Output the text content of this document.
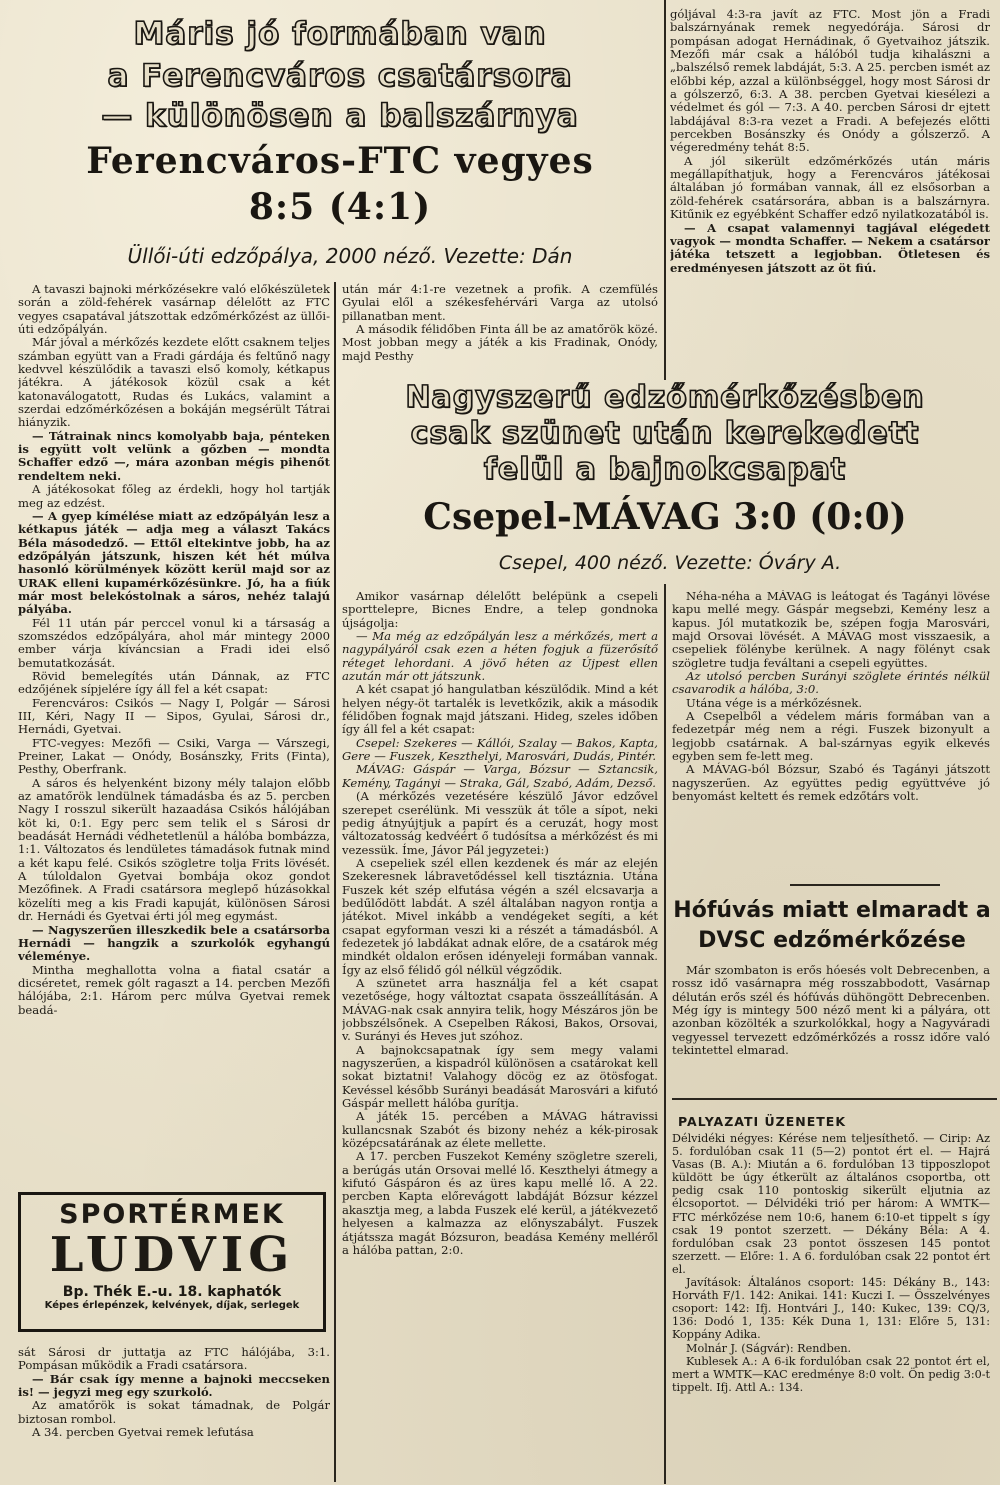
Máris jó formában van
a Ferencváros csatársora
— különösen a balszárnya
Ferencváros-FTC vegyes
8:5 (4:1)
Üllői-úti edzőpálya, 2000 néző. Vezette: Dán

A tavaszi bajnoki mérkőzésekre való előkészületek során a zöld-fehérek vasárnap délelőtt az FTC vegyes csapatával játszottak edzőmérkőzést az üllői-úti edzőpályán.

Már jóval a mérkőzés kezdete előtt csaknem teljes számban együtt van a Fradi gárdája és feltűnő nagy kedvvel készülődik a tavaszi első komoly, kétkapus játékra. A játékosok közül csak a két katonaválogatott, Rudas és Lukács, valamint a szerdai edzőmérkőzésen a bokáján megsérült Tátrai hiányzik.

— Tátrainak nincs komolyabb baja, pénteken is együtt volt velünk a gőzben — mondta Schaffer edző —, mára azonban mégis pihenőt rendeltem neki.

A játékosokat főleg az érdekli, hogy hol tartják meg az edzést.

— A gyep kímélése miatt az edzőpályán lesz a kétkapus játék — adja meg a választ Takács Béla másodedző. — Ettől eltekintve jobb, ha az edzőpályán játszunk, hiszen két hét múlva hasonló körülmények között kerül majd sor az URAK elleni kupamérkőzésünkre. Jó, ha a fiúk már most belekóstolnak a sáros, nehéz talajú pályába.

Fél 11 után pár perccel vonul ki a társaság a szomszédos edzőpályára, ahol már mintegy 2000 ember várja kíváncsian a Fradi idei első bemutatkozását.

Rövid bemelegítés után Dánnak, az FTC edzőjének sípjelére így áll fel a két csapat:

Ferencváros: Csikós — Nagy I, Polgár — Sárosi III, Kéri, Nagy II — Sipos, Gyulai, Sárosi dr., Hernádi, Gyetvai.

FTC-vegyes: Mezőfi — Csiki, Varga — Várszegi, Preiner, Lakat — Onódy, Bosánszky, Frits (Finta), Pesthy, Oberfrank.

A sáros és helyenként bizony mély talajon előbb az amatőrök lendülnek támadásba és az 5. percben Nagy I rosszul sikerült hazaadása Csikós hálójában köt ki, 0:1. Egy perc sem telik el s Sárosi dr beadását Hernádi védhetetlenül a hálóba bombázza, 1:1. Változatos és lendületes támadások futnak mind a két kapu felé. Csikós szögletre tolja Frits lövését. A túloldalon Gyetvai bombája okoz gondot Mezőfinek. A Fradi csatársora meglepő húzásokkal közelíti meg a kis Fradi kapuját, különösen Sárosi dr. Hernádi és Gyetvai érti jól meg egymást.

— Nagyszerűen illeszkedik bele a csatársorba Hernádi — hangzik a szurkolók egyhangú véleménye.

Mintha meghallotta volna a fiatal csatár a dicséretet, remek gólt ragaszt a 14. percben Mezőfi hálójába, 2:1. Három perc múlva Gyetvai remek beadá-

SPORTÉRMEK
LUDVIG
Bp. Thék E.-u. 18. kaphatók
Képes érlepénzek, kelvények, díjak, serlegek

sát Sárosi dr juttatja az FTC hálójába, 3:1. Pompásan működik a Fradi csatársora.

— Bár csak így menne a bajnoki meccseken is! — jegyzi meg egy szurkoló.

Az amatőrök is sokat támadnak, de Polgár biztosan rombol.

A 34. percben Gyetvai remek lefutása

után már 4:1-re vezetnek a profik. A czemfülés Gyulai elől a székesfehérvári Varga az utolsó pillanatban ment.

A második félidőben Finta áll be az amatőrök közé. Most jobban megy a játék a kis Fradinak, Onódy, majd Pesthy

góljával 4:3-ra javít az FTC. Most jön a Fradi balszárnyának remek negyedórája. Sárosi dr pompásan adogat Hernádinak, ő Gyetvaihoz játszik. Mezőfi már csak a hálóból tudja kihalászni a „balszélső remek labdáját, 5:3. A 25. percben ismét az előbbi kép, azzal a különbséggel, hogy most Sárosi dr a gólszerző, 6:3. A 38. percben Gyetvai kiesélezi a védelmet és gól — 7:3. A 40. percben Sárosi dr ejtett labdájával 8:3-ra vezet a Fradi. A befejezés előtti percekben Bosánszky és Onódy a gólszerző. A végeredmény tehát 8:5.

A jól sikerült edzőmérkőzés után máris megállapíthatjuk, hogy a Ferencváros játékosai általában jó formában vannak, áll ez elsősorban a zöld-fehérek csatársorára, abban is a balszárnyra. Kitűnik ez egyébként Schaffer edző nyilatkozatából is.

— A csapat valamennyi tagjával elégedett vagyok — mondta Schaffer. — Nekem a csatársor játéka tetszett a legjobban. Ötletesen és eredményesen játszott az öt fiú.

Nagyszerű edzőmérkőzésben
csak szünet után kerekedett
felül a bajnokcsapat
Csepel-MÁVAG 3:0 (0:0)
Csepel, 400 néző. Vezette: Óváry A.

Amikor vasárnap délelőtt belépünk a csepeli sporttelepre, Bicnes Endre, a telep gondnoka újságolja:

— Ma még az edzőpályán lesz a mérkőzés, mert a nagypályáról csak ezen a héten fogjuk a füzerősítő réteget lehordani. A jövő héten az Újpest ellen azután már ott játszunk.

A két csapat jó hangulatban készülődik. Mind a két helyen négy-öt tartalék is levetkőzik, akik a második félidőben fognak majd játszani. Hideg, szeles időben így áll fel a két csapat:

Csepel: Szekeres — Kállói, Szalay — Bakos, Kapta, Gere — Fuszek, Keszthelyi, Marosvári, Dudás, Pintér.

MÁVAG: Gáspár — Varga, Bózsur — Sztancsik, Kemény, Tagányi — Straka, Gál, Szabó, Adám, Dezső.

(A mérkőzés vezetésére készülő Jávor edzővel szerepet cserélünk. Mi vesszük át tőle a sípot, neki pedig átnyújtjuk a papírt és a ceruzát, hogy most változatosság kedvéért ő tudósítsa a mérkőzést és mi vezessük. Íme, Jávor Pál jegyzetei:)

A csepeliek szél ellen kezdenek és már az elején Szekeresnek lábravetődéssel kell tisztáznia. Utána Fuszek két szép elfutása végén a szél elcsavarja a bedűlődött labdát. A szél általában nagyon rontja a játékot. Mivel inkább a vendégeket segíti, a két csapat egyforman veszi ki a részét a támadásból. A fedezetek jó labdákat adnak előre, de a csatárok még mindkét oldalon erősen idényeleji formában vannak. Így az első félidő gól nélkül végződik.

A szünetet arra használja fel a két csapat vezetősége, hogy változtat csapata összeállításán. A MÁVAG-nak csak annyira telik, hogy Mészáros jön be jobbszélsőnek. A Csepelben Rákosi, Bakos, Orsovai, v. Surányi és Heves jut szóhoz.

A bajnokcsapatnak így sem megy valami nagyszerűen, a kispadról különösen a csatárokat kell sokat biztatni! Valahogy döcög ez az ötösfogat. Kevéssel később Surányi beadását Marosvári a kifutó Gáspár mellett hálóba gurítja.

A játék 15. percében a MÁVAG hátravissi kullancsnak Szabót és bizony nehéz a kék-pirosak középcsatárának az élete mellette.

A 17. percben Fuszekot Kemény szögletre szereli, a berúgás után Orsovai mellé lő. Keszthelyi átmegy a kifutó Gáspáron és az üres kapu mellé lő. A 22. percben Kapta előrevágott labdáját Bózsur kézzel akasztja meg, a labda Fuszek elé kerül, a játékvezető helyesen a kalmazza az előnyszabályt. Fuszek átjátssza magát Bózsuron, beadása Kemény melléről a hálóba pattan, 2:0.

Néha-néha a MÁVAG is leátogat és Tagányi lövése kapu mellé megy. Gáspár megsebzi, Kemény lesz a kapus. Jól mutatkozik be, szépen fogja Marosvári, majd Orsovai lövését. A MÁVAG most visszaesik, a csepeliek fölénybe kerülnek. A nagy fölényt csak szögletre tudja feváltani a csepeli együttes.

Az utolsó percben Surányi szöglete érintés nélkül csavarodik a hálóba, 3:0.

Utána vége is a mérkőzésnek.

A Csepelből a védelem máris formában van a fedezetpár még nem a régi. Fuszek bizonyult a legjobb csatárnak. A bal-szárnyas egyik elkevés egyben sem fe-lett meg.

A MÁVAG-ból Bózsur, Szabó és Tagányi játszott nagyszerűen. Az együttes pedig együttvéve jó benyomást keltett és remek edzőtárs volt.

Hófúvás miatt elmaradt a DVSC edzőmérkőzése

Már szombaton is erős hóesés volt Debrecenben, a rossz idő vasárnapra még rosszabbodott, Vasárnap délután erős szél és hófúvás dühöngött Debrecenben. Még így is mintegy 500 néző ment ki a pályára, ott azonban közölték a szurkolókkal, hogy a Nagyváradi vegyessel tervezett edzőmérkőzés a rossz időre való tekintettel elmarad.

PALYAZATI ÜZENETEK

Délvidéki négyes: Kérése nem teljesíthető. — Cirip: Az 5. fordulóban csak 11 (5—2) pontot ért el. — Hajrá Vasas (B. A.): Miután a 6. fordulóban 13 tipposzlopot küldött be úgy étkerült az általános csoportba, ott pedig csak 110 pontoskig sikerült eljutnia az élcsoportot. — Délvidéki trió per három: A WMTK—FTC mérkőzése nem 10:6, hanem 6:10-et tippelt s így csak 19 pontot szerzett. — Dékány Béla: A 4. fordulóban csak 23 pontot összesen 145 pontot szerzett. — Előre: 1. A 6. fordulóban csak 22 pontot ért el.

Javítások: Általános csoport: 145: Dékány B., 143: Horváth F/1. 142: Anikai. 141: Kuczi I. — Összelvényes csoport: 142: Ifj. Hontvári J., 140: Kukec, 139: CQ/3, 136: Dodó 1, 135: Kék Duna 1, 131: Előre 5, 131: Koppány Adika.

Molnár J. (Ságvár): Rendben.

Kublesek A.: A 6-ik fordulóban csak 22 pontot ért el, mert a WMTK—KAC eredménye 8:0 volt. Ön pedig 3:0-t tippelt. Ifj. Attl A.: 134.
